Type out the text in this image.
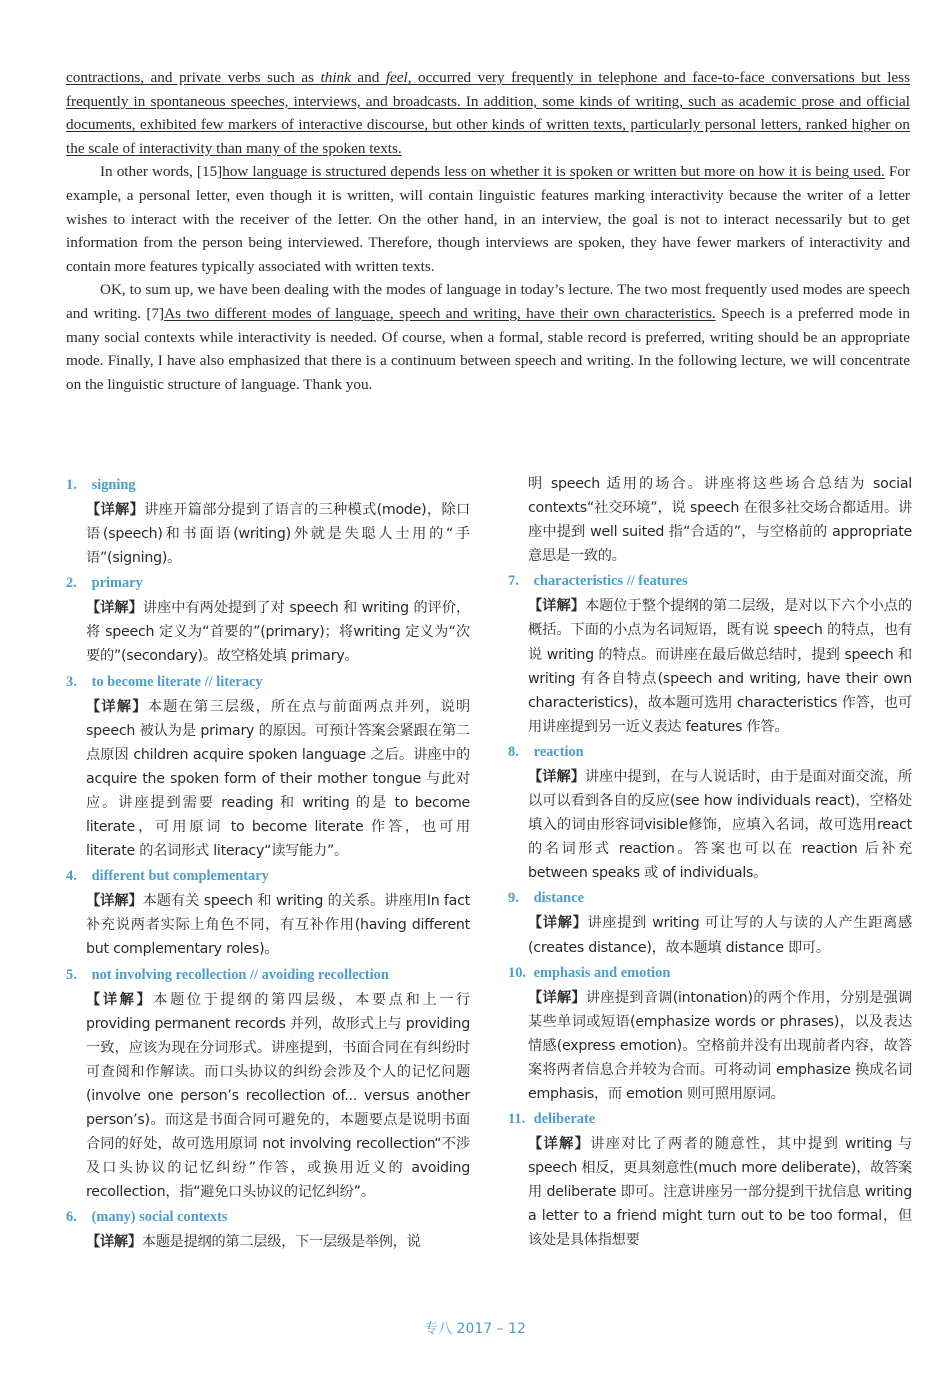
contractions, and private verbs such as think and feel, occurred very frequently in telephone and face-to-face conversations but less frequently in spontaneous speeches, interviews, and broadcasts. In addition, some kinds of writing, such as academic prose and official documents, exhibited few markers of interactive discourse, but other kinds of written texts, particularly personal letters, ranked higher on the scale of interactivity than many of the spoken texts.

In other words, [15]how language is structured depends less on whether it is spoken or written but more on how it is being used. For example, a personal letter, even though it is written, will contain linguistic features marking interactivity because the writer of a letter wishes to interact with the receiver of the letter. On the other hand, in an interview, the goal is not to interact necessarily but to get information from the person being interviewed. Therefore, though interviews are spoken, they have fewer markers of interactivity and contain more features typically associated with written texts.

OK, to sum up, we have been dealing with the modes of language in today’s lecture. The two most frequently used modes are speech and writing. [7]As two different modes of language, speech and writing, have their own characteristics. Speech is a preferred mode in many social contexts while interactivity is needed. Of course, when a formal, stable record is preferred, writing should be an appropriate mode. Finally, I have also emphasized that there is a continuum between speech and writing. In the following lecture, we will concentrate on the linguistic structure of language. Thank you.

1. signing

【详解】讲座开篇部分提到了语言的三种模式(mode)，除口语(speech)和书面语(writing)外就是失聪人士用的“手语”(signing)。

2. primary

【详解】讲座中有两处提到了对 speech 和 writing 的评价，将 speech 定义为“首要的”(primary)；将writing 定义为“次要的”(secondary)。故空格处填 primary。

3. to become literate // literacy

【详解】本题在第三层级，所在点与前面两点并列，说明 speech 被认为是 primary 的原因。可预计答案会紧跟在第二点原因 children acquire spoken language 之后。讲座中的 acquire the spoken form of their mother tongue 与此对应。讲座提到需要 reading 和 writing 的是 to become literate，可用原词 to become literate 作答，也可用 literate 的名词形式 literacy“读写能力”。

4. different but complementary

【详解】本题有关 speech 和 writing 的关系。讲座用In fact 补充说两者实际上角色不同，有互补作用(having different but complementary roles)。

5. not involving recollection // avoiding recollection

【详解】本题位于提纲的第四层级，本要点和上一行providing permanent records 并列，故形式上与 providing 一致，应该为现在分词形式。讲座提到，书面合同在有纠纷时可查阅和作解读。而口头协议的纠纷会涉及个人的记忆问题(involve one person’s recollection of... versus another person’s)。而这是书面合同可避免的，本题要点是说明书面合同的好处，故可选用原词 not involving recollection“不涉及口头协议的记忆纠纷”作答，或换用近义的 avoiding recollection，指“避免口头协议的记忆纠纷”。

6. (many) social contexts

【详解】本题是提纲的第二层级，下一层级是举例，说

明 speech 适用的场合。讲座将这些场合总结为 social contexts“社交环境”，说 speech 在很多社交场合都适用。讲座中提到 well suited 指“合适的”，与空格前的 appropriate 意思是一致的。

7. characteristics // features

【详解】本题位于整个提纲的第二层级，是对以下六个小点的概括。下面的小点为名词短语，既有说 speech 的特点，也有说 writing 的特点。而讲座在最后做总结时，提到 speech 和 writing 有各自特点(speech and writing, have their own characteristics)，故本题可选用 characteristics 作答，也可用讲座提到另一近义表达 features 作答。

8. reaction

【详解】讲座中提到，在与人说话时，由于是面对面交流，所以可以看到各自的反应(see how individuals react)，空格处填入的词由形容词visible修饰，应填入名词，故可选用react的名词形式 reaction。答案也可以在 reaction 后补充 between speaks 或 of individuals。

9. distance

【详解】讲座提到 writing 可让写的人与读的人产生距离感(creates distance)，故本题填 distance 即可。

10. emphasis and emotion

【详解】讲座提到音调(intonation)的两个作用，分别是强调某些单词或短语(emphasize words or phrases)，以及表达情感(express emotion)。空格前并没有出现前者内容，故答案将两者信息合并较为合而。可将动词 emphasize 换成名词 emphasis，而 emotion 则可照用原词。

11. deliberate

【详解】讲座对比了两者的随意性，其中提到 writing 与 speech 相反，更具刻意性(much more deliberate)，故答案用 deliberate 即可。注意讲座另一部分提到干扰信息 writing a letter to a friend might turn out to be too formal，但该处是具体指想要

专八 2017 – 12
